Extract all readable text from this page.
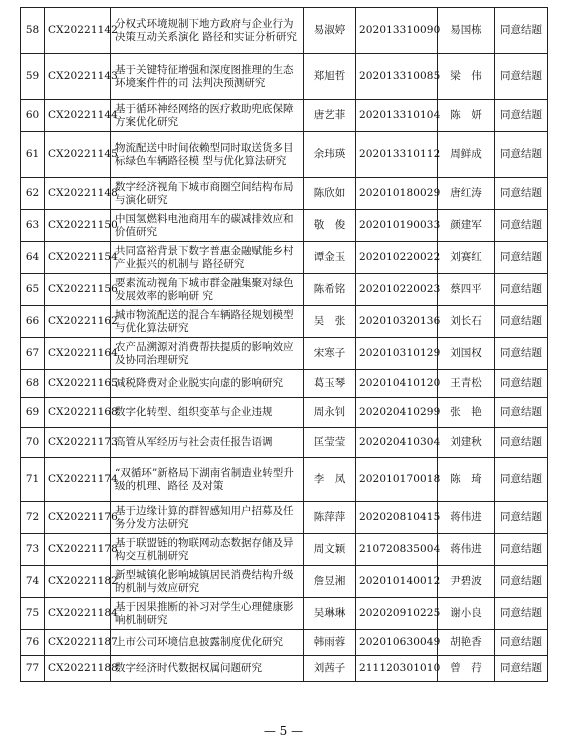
58	CX20221142	分权式环境规制下地方政府与企业行为决策互动关系演化 路径和实证分析研究	易淑婷	202013310090	易国栋	同意结题
59	CX20221143	基于关键特征增强和深度图推理的生态环境案件件的司 法判决预测研究	郑旭哲	202013310085	梁　伟	同意结题
60	CX20221144	基于循环神经网络的医疗救助兜底保障方案优化研究	唐艺菲	202013310104	陈　妍	同意结题
61	CX20221145	物流配送中时间依赖型同时取送货多目标绿色车辆路径模 型与优化算法研究	余玮瑛	202013310112	周鲜成	同意结题
62	CX20221148	数字经济视角下城市商圈空间结构布局与演化研究	陈欣如	202010180029	唐红涛	同意结题
63	CX20221150	中国氢燃料电池商用车的碳减排效应和价值研究	敬　俊	202010190033	颜建军	同意结题
64	CX20221154	共同富裕背景下数字普惠金融赋能乡村产业振兴的机制与 路径研究	谭金玉	202010220022	刘赛红	同意结题
65	CX20221156	要素流动视角下城市群金融集聚对绿色发展效率的影响研 究	陈希铭	202010220023	蔡四平	同意结题
66	CX20221162	城市物流配送的混合车辆路径规划模型与优化算法研究	吴　张	202010320136	刘长石	同意结题
67	CX20221164	农产品溯源对消费帮扶提质的影响效应及协同治理研究	宋寒子	202010310129	刘国权	同意结题
68	CX20221165	减税降费对企业脱实向虚的影响研究	葛玉琴	202010410120	王青松	同意结题
69	CX20221168	数字化转型、组织变革与企业违规	周永钊	202020410299	张　艳	同意结题
70	CX20221173	高管从军经历与社会责任报告语调	匡莹莹	202020410304	刘建秋	同意结题
71	CX20221174	“双循环”新格局下湖南省制造业转型升级的机理、路径 及对策	李　凤	202010170018	陈　琦	同意结题
72	CX20221176	基于边缘计算的群智感知用户招募及任务分发方法研究	陈萍萍	202020810415	蒋伟进	同意结题
73	CX20221178	基于联盟链的物联网动态数据存储及异构交互机制研究	周文颖	210720835004	蒋伟进	同意结题
74	CX20221182	新型城镇化影响城镇居民消费结构升级的机制与效应研究	詹昱湘	202010140012	尹碧波	同意结题
75	CX20221184	基于因果推断的补习对学生心理健康影响机制研究	吴琳琳	202020910225	谢小良	同意结题
76	CX20221187	上市公司环境信息披露制度优化研究	韩雨蓉	202010630049	胡艳香	同意结题
77	CX20221188	数字经济时代数据权属问题研究	刘茜子	211120301010	曾　荇	同意结题
— 5 —
